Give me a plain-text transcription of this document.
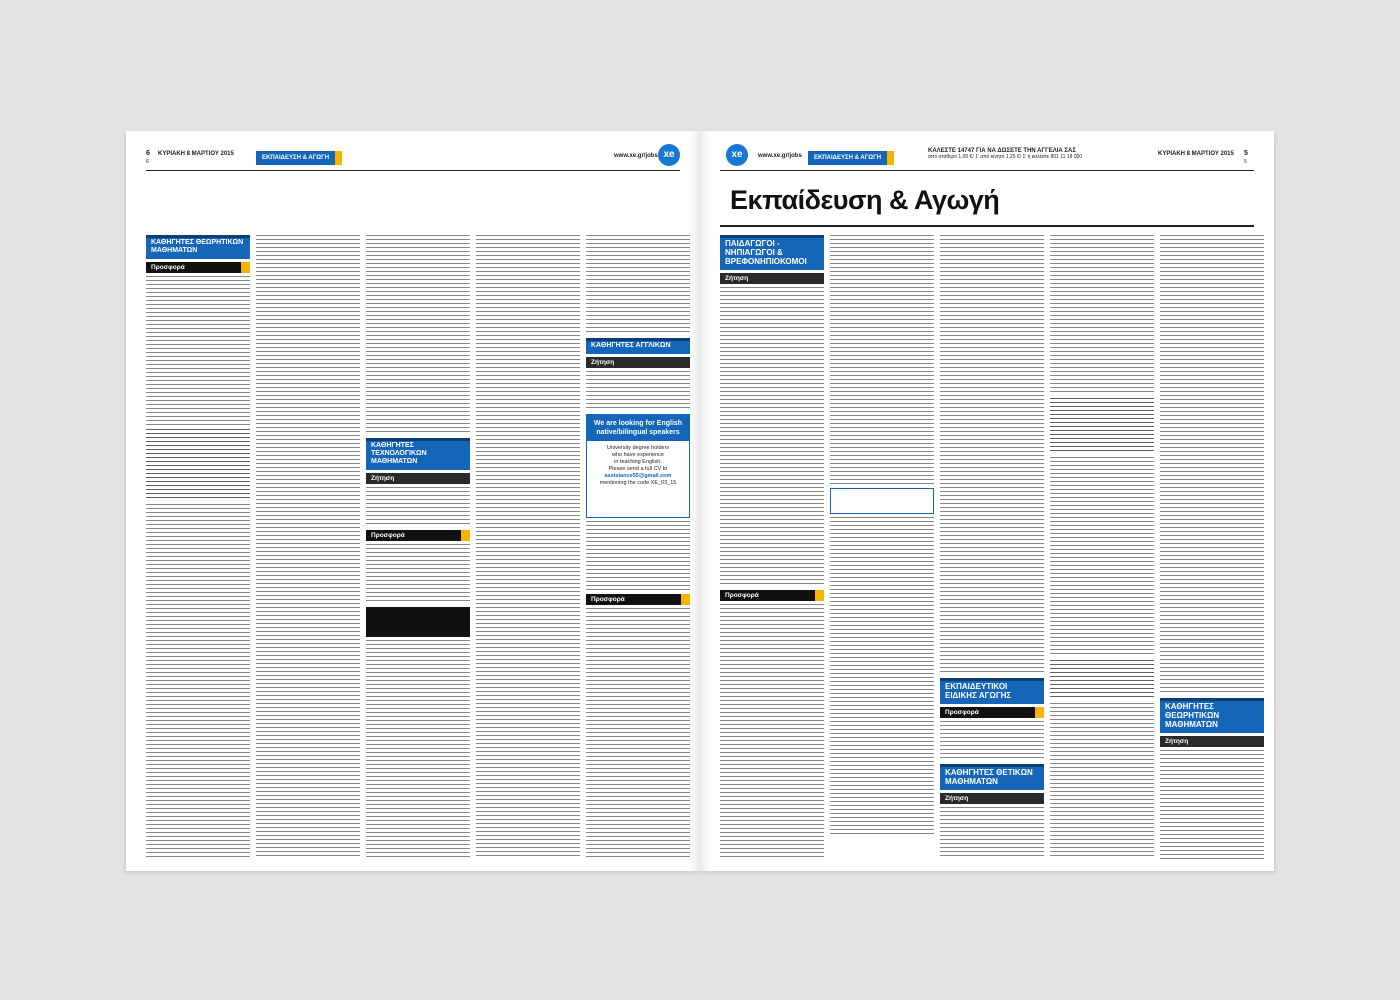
6
6
ΚΥΡΙΑΚΗ 8 ΜΑΡΤΙΟΥ 2015
ΕΚΠΑΙΔΕΥΣΗ & ΑΓΩΓΗ	www.xe.gr/jobs xe
ΚΑΘΗΓΗΤΕΣ ΘΕΩΡΗΤΙΚΩΝ ΜΑΘΗΜΑΤΩΝ
Προσφορά
ΚΑΘΗΓΗΤΕΣ ΤΕΧΝΟΛΟΓΙΚΩΝ ΜΑΘΗΜΑΤΩΝ
Ζήτηση
Προσφορά
ΚΑΘΗΓΗΤΕΣ ΑΓΓΛΙΚΩΝ
Ζήτηση
We are looking for English native/bilingual speakers
University degree holders
who have experience
in teaching English.
Please send a full CV to
assistance55@gmail.com
mentioning the code XE_03_15
Προσφορά
xe	www.xe.gr/jobs	ΕΚΠΑΙΔΕΥΣΗ & ΑΓΩΓΗ
ΚΑΛΕΣΤΕ 14747 ΓΙΑ ΝΑ ΔΩΣΕΤΕ ΤΗΝ ΑΓΓΕΛΙΑ ΣΑΣ
από σταθερό 1,05 €/ 1' από κινητό 1,25 €/ 1' ή καλέστε 801 11 18 000	ΚΥΡΙΑΚΗ 8 ΜΑΡΤΙΟΥ 2015 5
5
Εκπαίδευση & Αγωγή
ΠΑΙΔΑΓΩΓΟΙ - ΝΗΠΙΑΓΩΓΟΙ & ΒΡΕΦΟΝΗΠΙΟΚΟΜΟΙ
Ζήτηση
Προσφορά
ΕΚΠΑΙΔΕΥΤΙΚΟΙ ΕΙΔΙΚΗΣ ΑΓΩΓΗΣ
Προσφορά
ΚΑΘΗΓΗΤΕΣ ΘΕΤΙΚΩΝ ΜΑΘΗΜΑΤΩΝ
Ζήτηση
ΚΑΘΗΓΗΤΕΣ ΘΕΩΡΗΤΙΚΩΝ ΜΑΘΗΜΑΤΩΝ
Ζήτηση
